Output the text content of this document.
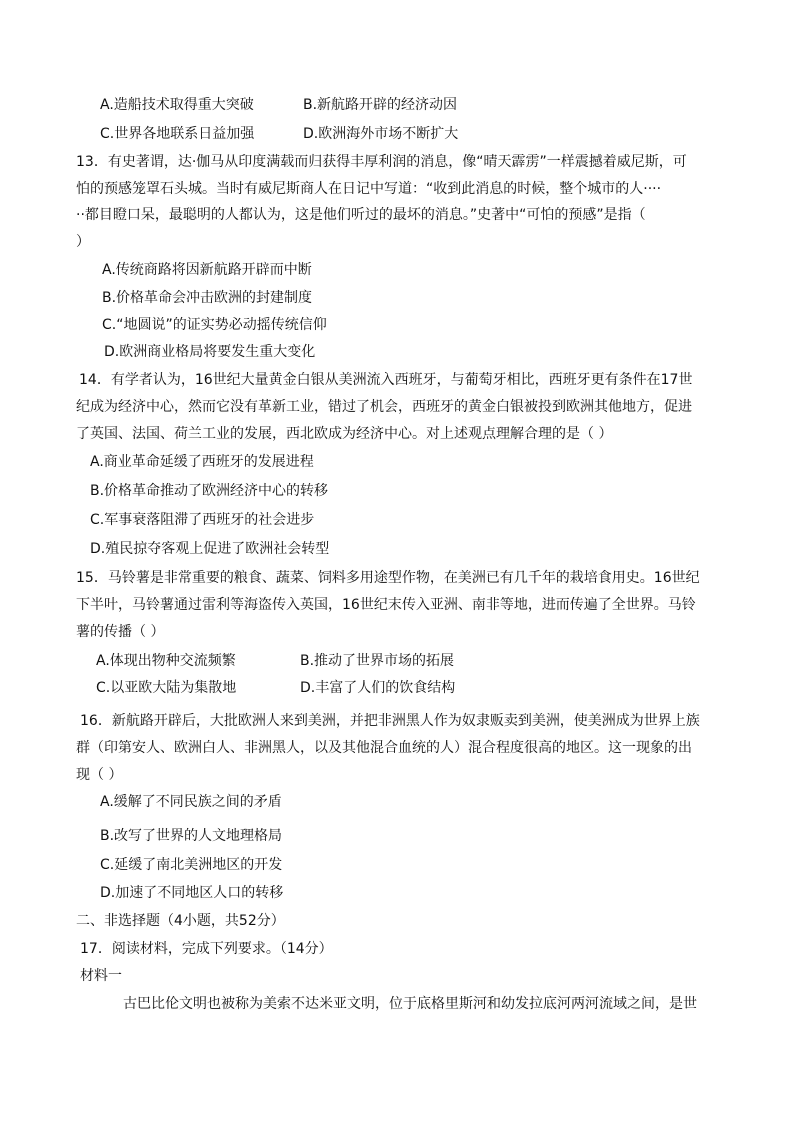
A.造船技术取得重大突破	B.新航路开辟的经济动因
C.世界各地联系日益加强	D.欧洲海外市场不断扩大
13．有史著谓，达·伽马从印度满载而归获得丰厚利润的消息，像“晴天霹雳”一样震撼着威尼斯，可
怕的预感笼罩石头城。当时有威尼斯商人在日记中写道：“收到此消息的时候，整个城市的人····
··都目瞪口呆，最聪明的人都认为，这是他们听过的最坏的消息。”史著中“可怕的预感”是指（
）
A.传统商路将因新航路开辟而中断
B.价格革命会冲击欧洲的封建制度
C.“地圆说”的证实势必动摇传统信仰
D.欧洲商业格局将要发生重大变化
14．有学者认为，16世纪大量黄金白银从美洲流入西班牙，与葡萄牙相比，西班牙更有条件在17世
纪成为经济中心，然而它没有革新工业，错过了机会，西班牙的黄金白银被投到欧洲其他地方，促进
了英国、法国、荷兰工业的发展，西北欧成为经济中心。对上述观点理解合理的是（ ）
A.商业革命延缓了西班牙的发展进程
B.价格革命推动了欧洲经济中心的转移
C.军事衰落阻滞了西班牙的社会进步
D.殖民掠夺客观上促进了欧洲社会转型
15．马铃薯是非常重要的粮食、蔬菜、饲料多用途型作物，在美洲已有几千年的栽培食用史。16世纪
下半叶，马铃薯通过雷利等海盗传入英国，16世纪末传入亚洲、南非等地，进而传遍了全世界。马铃
薯的传播（ ）
A.体现出物种交流频繁	B.推动了世界市场的拓展
C.以亚欧大陆为集散地	D.丰富了人们的饮食结构
16．新航路开辟后，大批欧洲人来到美洲，并把非洲黑人作为奴隶贩卖到美洲，使美洲成为世界上族
群（印第安人、欧洲白人、非洲黑人，以及其他混合血统的人）混合程度很高的地区。这一现象的出
现（ ）
A.缓解了不同民族之间的矛盾
B.改写了世界的人文地理格局
C.延缓了南北美洲地区的开发
D.加速了不同地区人口的转移
二、非选择题（4小题，共52分）
17．阅读材料，完成下列要求。（14分）
材料一
古巴比伦文明也被称为美索不达米亚文明，位于底格里斯河和幼发拉底河两河流域之间，是世
